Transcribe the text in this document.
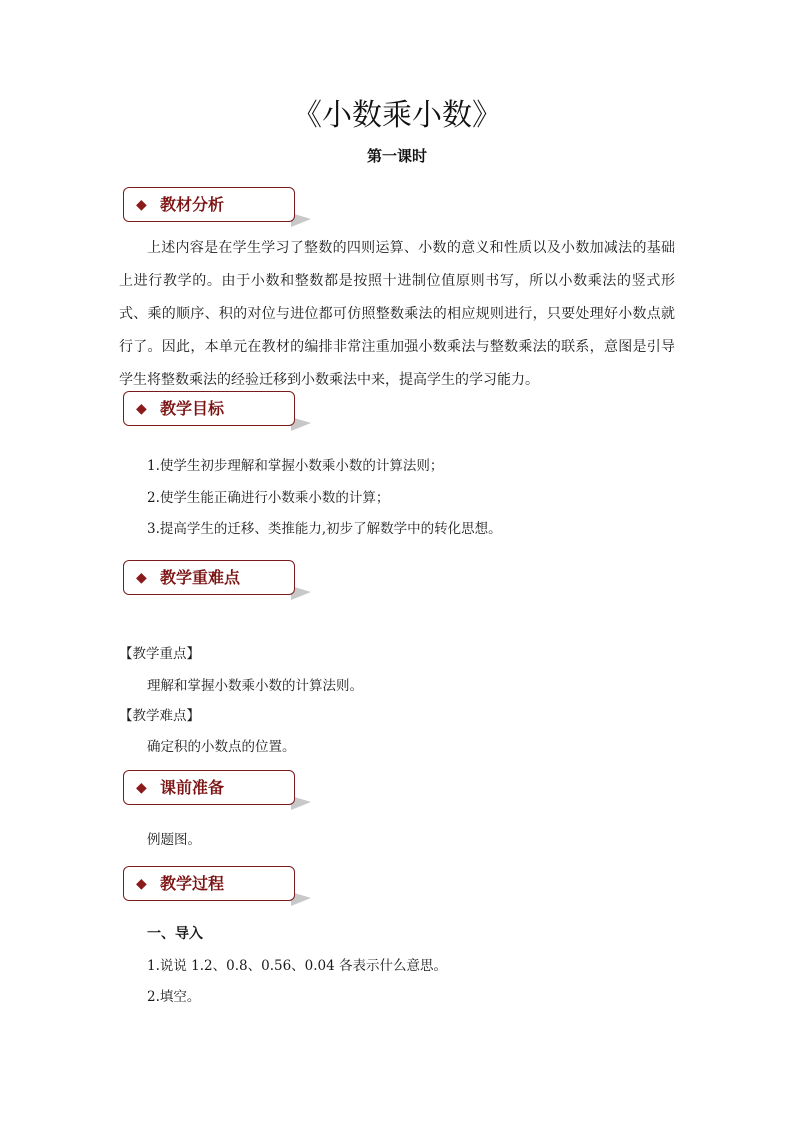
《小数乘小数》
第一课时
◆ 教材分析
上述内容是在学生学习了整数的四则运算、小数的意义和性质以及小数加减法的基础上进行教学的。由于小数和整数都是按照十进制位值原则书写，所以小数乘法的竖式形式、乘的顺序、积的对位与进位都可仿照整数乘法的相应规则进行，只要处理好小数点就行了。因此，本单元在教材的编排非常注重加强小数乘法与整数乘法的联系，意图是引导学生将整数乘法的经验迁移到小数乘法中来，提高学生的学习能力。
◆ 教学目标
1.使学生初步理解和掌握小数乘小数的计算法则；
2.使学生能正确进行小数乘小数的计算；
3.提高学生的迁移、类推能力,初步了解数学中的转化思想。
◆ 教学重难点
【教学重点】
理解和掌握小数乘小数的计算法则。
【教学难点】
确定积的小数点的位置。
◆ 课前准备
例题图。
◆ 教学过程
一、导入
1.说说 1.2、0.8、0.56、0.04 各表示什么意思。
2.填空。
